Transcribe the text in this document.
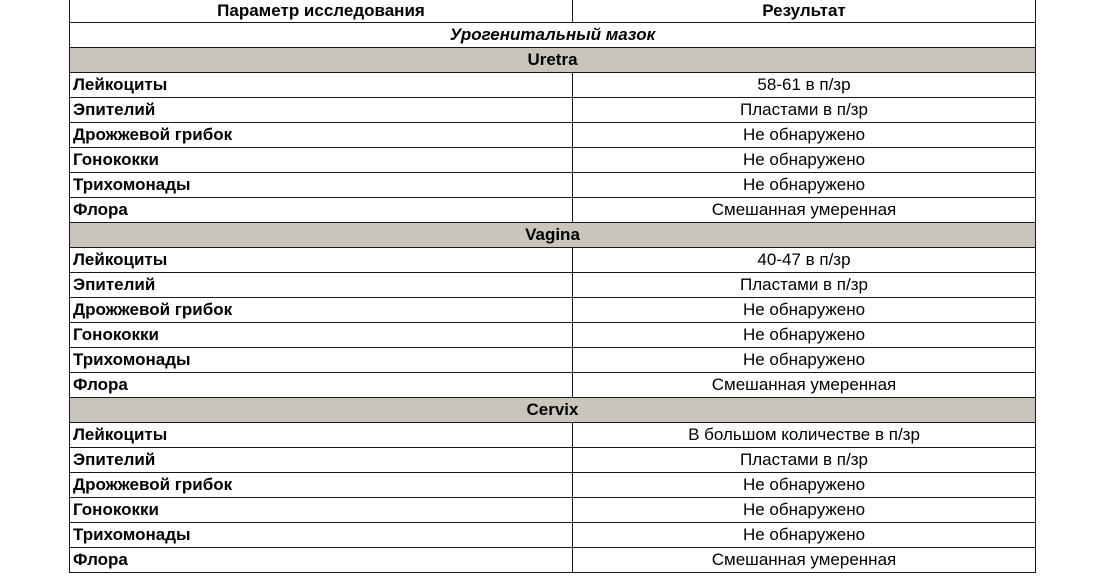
Параметр исследования	Результат
Урогенитальный мазок	
Uretra	
Лейкоциты	58-61 в п/зр
Эпителий	Пластами в п/зр
Дрожжевой грибок	Не обнаружено
Гонококки	Не обнаружено
Трихомонады	Не обнаружено
Флора	Смешанная умеренная
Vagina	
Лейкоциты	40-47 в п/зр
Эпителий	Пластами в п/зр
Дрожжевой грибок	Не обнаружено
Гонококки	Не обнаружено
Трихомонады	Не обнаружено
Флора	Смешанная умеренная
Cervix	
Лейкоциты	В большом количестве в п/зр
Эпителий	Пластами в п/зр
Дрожжевой грибок	Не обнаружено
Гонококки	Не обнаружено
Трихомонады	Не обнаружено
Флора	Смешанная умеренная
